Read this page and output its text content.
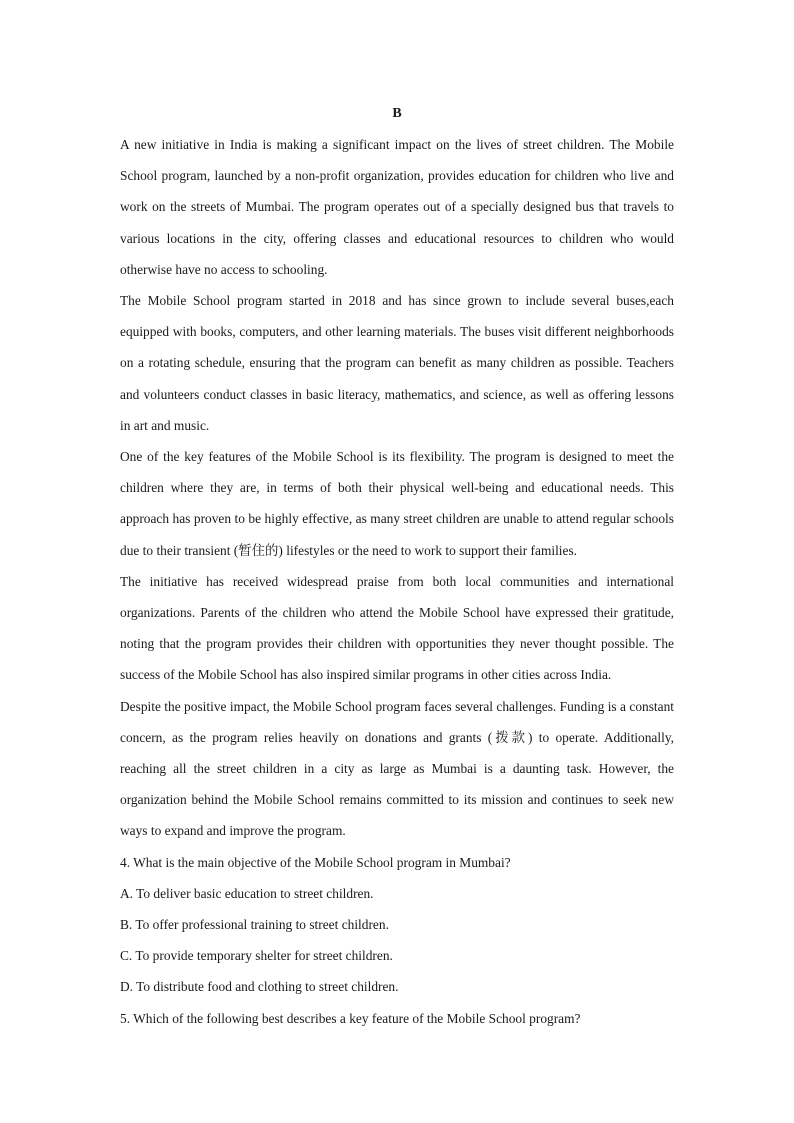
B

A new initiative in India is making a significant impact on the lives of street children. The Mobile School program, launched by a non-profit organization, provides education for children who live and work on the streets of Mumbai. The program operates out of a specially designed bus that travels to various locations in the city, offering classes and educational resources to children who would otherwise have no access to schooling.

The Mobile School program started in 2018 and has since grown to include several buses,each equipped with books, computers, and other learning materials. The buses visit different neighborhoods on a rotating schedule, ensuring that the program can benefit as many children as possible. Teachers and volunteers conduct classes in basic literacy, mathematics, and science, as well as offering lessons in art and music.

One of the key features of the Mobile School is its flexibility. The program is designed to meet the children where they are, in terms of both their physical well-being and educational needs. This approach has proven to be highly effective, as many street children are unable to attend regular schools due to their transient (暂住的) lifestyles or the need to work to support their families.

The initiative has received widespread praise from both local communities and international organizations. Parents of the children who attend the Mobile School have expressed their gratitude, noting that the program provides their children with opportunities they never thought possible. The success of the Mobile School has also inspired similar programs in other cities across India.

Despite the positive impact, the Mobile School program faces several challenges. Funding is a constant concern, as the program relies heavily on donations and grants (拨款) to operate. Additionally, reaching all the street children in a city as large as Mumbai is a daunting task. However, the organization behind the Mobile School remains committed to its mission and continues to seek new ways to expand and improve the program.

4. What is the main objective of the Mobile School program in Mumbai?

A. To deliver basic education to street children.

B. To offer professional training to street children.

C. To provide temporary shelter for street children.

D. To distribute food and clothing to street children.

5. Which of the following best describes a key feature of the Mobile School program?
